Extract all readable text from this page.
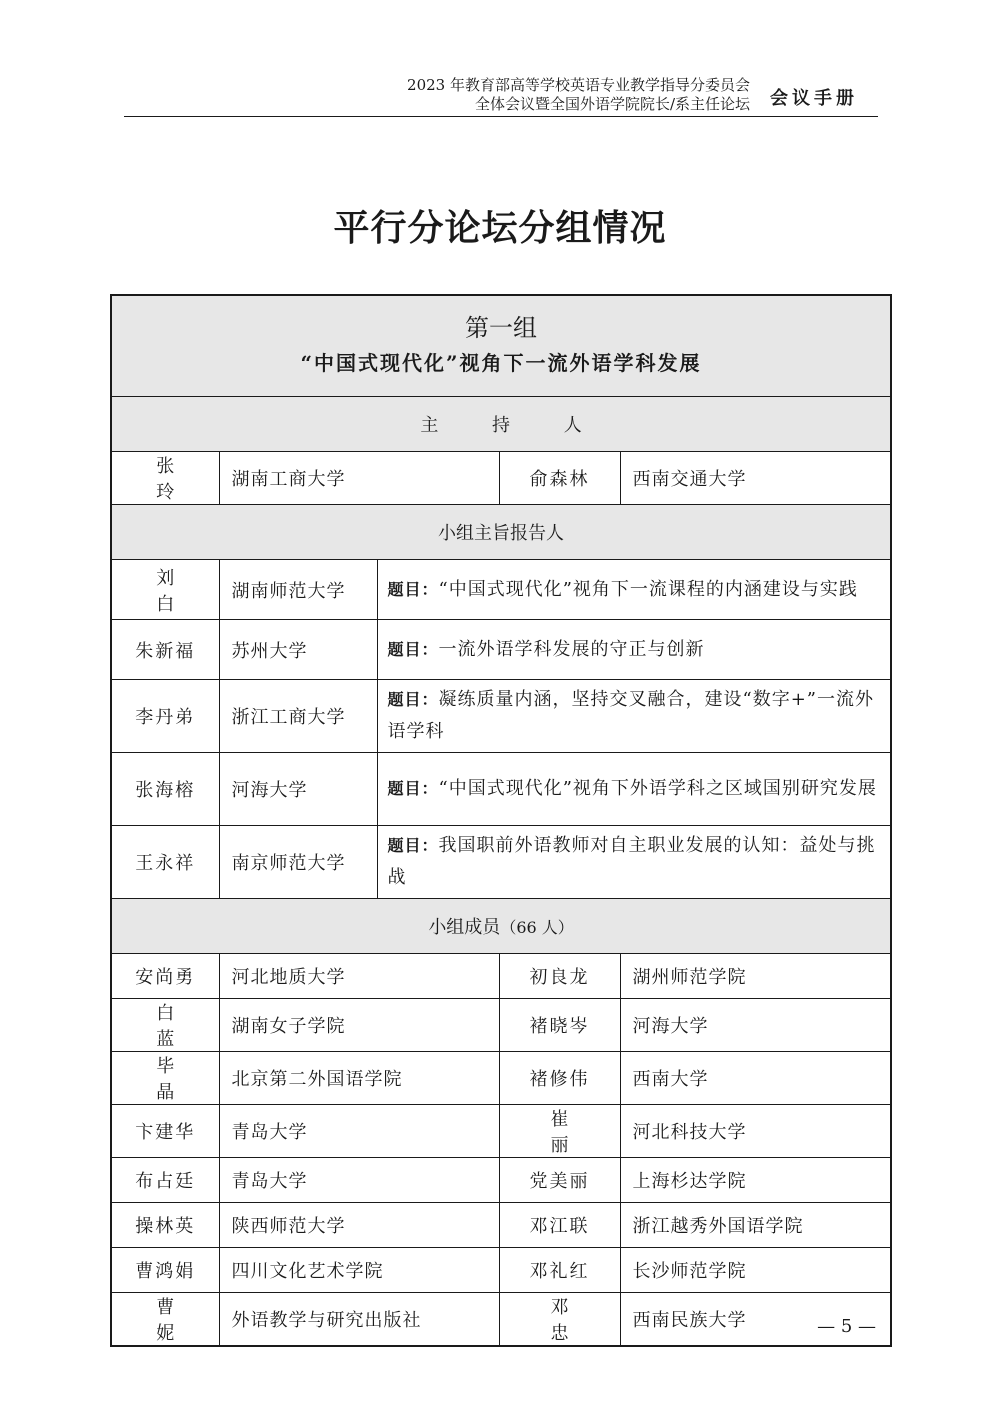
2023 年教育部高等学校英语专业教学指导分委员会
全体会议暨全国外语学院院长/系主任论坛 会议手册
平行分论坛分组情况
第一组
“中国式现代化”视角下一流外语学科发展				

主 持 人				
张 玲	湖南工商大学		俞森林	西南交通大学
小组主旨报告人				
刘 白	湖南师范大学	题目：“中国式现代化”视角下一流课程的内涵建设与实践		
朱新福	苏州大学	题目：一流外语学科发展的守正与创新		
李丹弟	浙江工商大学	题目：凝练质量内涵，坚持交叉融合，建设“数字+”一流外语学科		
张海榕	河海大学	题目：“中国式现代化”视角下外语学科之区域国别研究发展		
王永祥	南京师范大学	题目：我国职前外语教师对自主职业发展的认知：益处与挑战		
小组成员（66 人）				
安尚勇	河北地质大学		初良龙	湖州师范学院
白 蓝	湖南女子学院		褚晓岑	河海大学
毕 晶	北京第二外国语学院		褚修伟	西南大学
卞建华	青岛大学		崔 丽	河北科技大学
布占廷	青岛大学		党美丽	上海杉达学院
操林英	陕西师范大学		邓江联	浙江越秀外国语学院
曹鸿娟	四川文化艺术学院		邓礼红	长沙师范学院
曹 妮	外语教学与研究出版社		邓 忠	西南民族大学	— 5 —
